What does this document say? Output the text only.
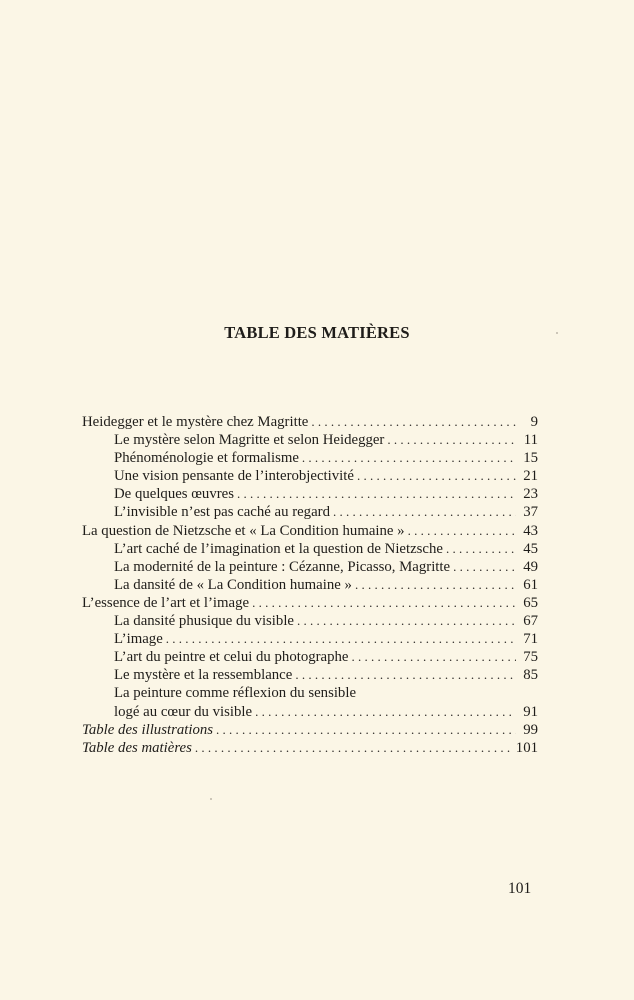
TABLE DES MATIÈRES
Heidegger et le mystère chez Magritte . . .	9
Le mystère selon Magritte et selon Heidegger . . .	11
Phénoménologie et formalisme . . .	15
Une vision pensante de l’interobjectivité . . .	21
De quelques œuvres . . .	23
L’invisible n’est pas caché au regard . . .	37
La question de Nietzsche et « La Condition humaine » . . .	43
L’art caché de l’imagination et la question de Nietzsche . . .	45
La modernité de la peinture : Cézanne, Picasso, Magritte . . .	49
La dansité de « La Condition humaine » . . .	61
L’essence de l’art et l’image . . .	65
La dansité phusique du visible . . .	67
L’image . . .	71
L’art du peintre et celui du photographe . . .	75
Le mystère et la ressemblance . . .	85
La peinture comme réflexion du sensible
logé au cœur du visible . . .	91
Table des illustrations . . .	99
Table des matières . . .	101
101
